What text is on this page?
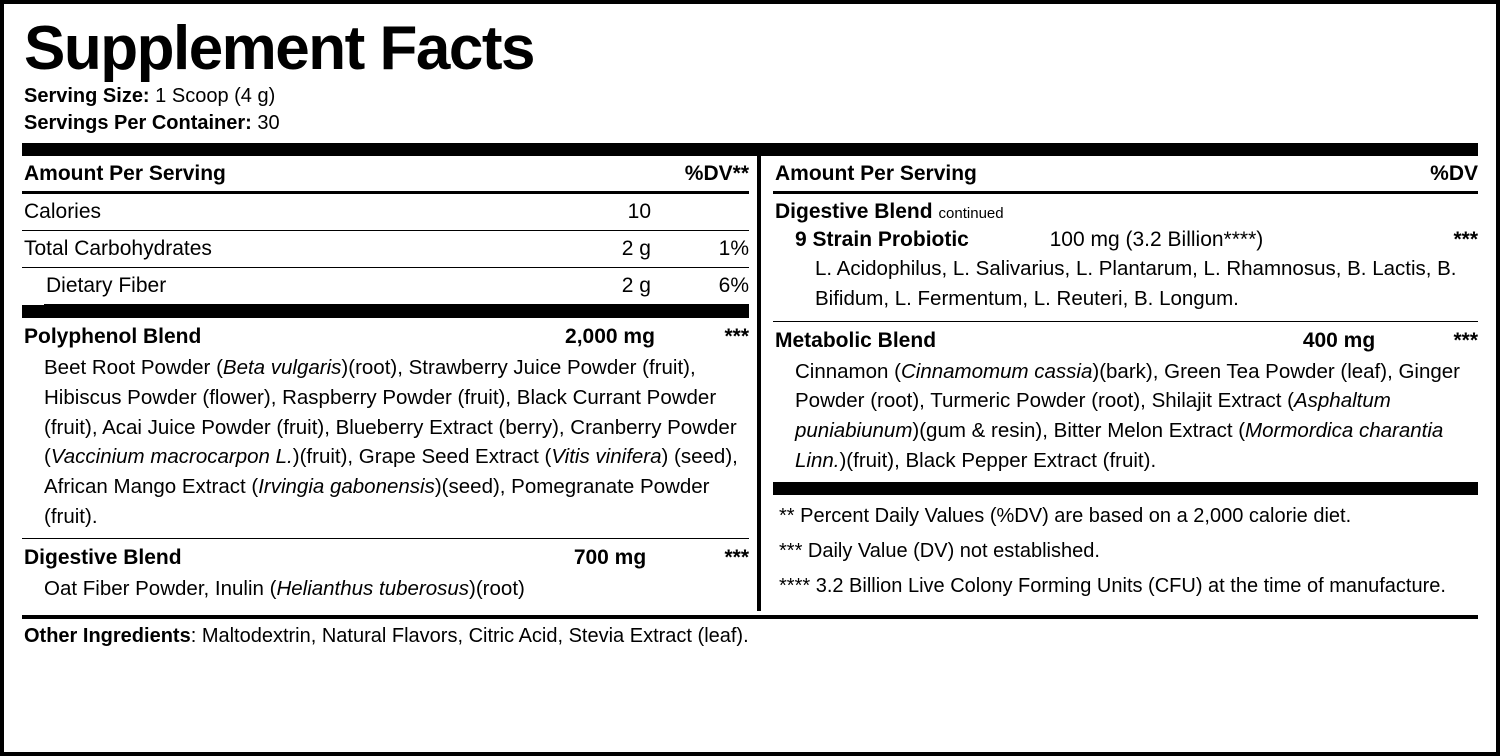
Supplement Facts
Serving Size: 1 Scoop (4 g)
Servings Per Container: 30
Amount Per Serving	%DV**
Calories	10
Total Carbohydrates	2 g	1%
Dietary Fiber	2 g	6%
Polyphenol Blend	2,000 mg	***
Beet Root Powder (Beta vulgaris)(root), Strawberry Juice Powder (fruit), Hibiscus Powder (flower), Raspberry Powder (fruit), Black Currant Powder (fruit), Acai Juice Powder (fruit), Blueberry Extract (berry), Cranberry Powder (Vaccinium macrocarpon L.)(fruit), Grape Seed Extract (Vitis vinifera) (seed), African Mango Extract (Irvingia gabonensis)(seed), Pomegranate Powder (fruit).
Digestive Blend	700 mg	***
Oat Fiber Powder, Inulin (Helianthus tuberosus)(root)
Amount Per Serving	%DV
Digestive Blend continued
9 Strain Probiotic	100 mg (3.2 Billion****)	***
L. Acidophilus, L. Salivarius, L. Plantarum, L. Rhamnosus, B. Lactis, B. Bifidum, L. Fermentum, L. Reuteri, B. Longum.
Metabolic Blend	400 mg	***
Cinnamon (Cinnamomum cassia)(bark), Green Tea Powder (leaf), Ginger Powder (root), Turmeric Powder (root), Shilajit Extract (Asphaltum puniabiunum)(gum & resin), Bitter Melon Extract (Mormordica charantia Linn.)(fruit), Black Pepper Extract (fruit).
** Percent Daily Values (%DV) are based on a 2,000 calorie diet.
*** Daily Value (DV) not established.
**** 3.2 Billion Live Colony Forming Units (CFU) at the time of manufacture.
Other Ingredients: Maltodextrin, Natural Flavors, Citric Acid, Stevia Extract (leaf).
